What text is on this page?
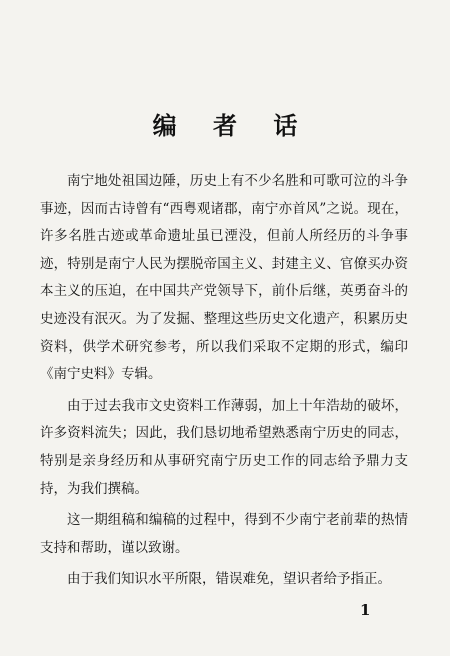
编 者 话

南宁地处祖国边陲，历史上有不少名胜和可歌可泣的斗争事迹，因而古诗曾有“西粤观诸郡，南宁亦首风”之说。现在，许多名胜古迹或革命遗址虽已湮没，但前人所经历的斗争事迹，特别是南宁人民为摆脱帝国主义、封建主义、官僚买办资本主义的压迫，在中国共产党领导下，前仆后继，英勇奋斗的史迹没有泯灭。为了发掘、整理这些历史文化遗产，积累历史资料，供学术研究参考，所以我们采取不定期的形式，编印《南宁史料》专辑。

由于过去我市文史资料工作薄弱，加上十年浩劫的破坏，许多资料流失；因此，我们恳切地希望熟悉南宁历史的同志，特别是亲身经历和从事研究南宁历史工作的同志给予鼎力支持，为我们撰稿。

这一期组稿和编稿的过程中，得到不少南宁老前辈的热情支持和帮助，谨以致谢。

由于我们知识水平所限，错误难免，望识者给予指正。

1
